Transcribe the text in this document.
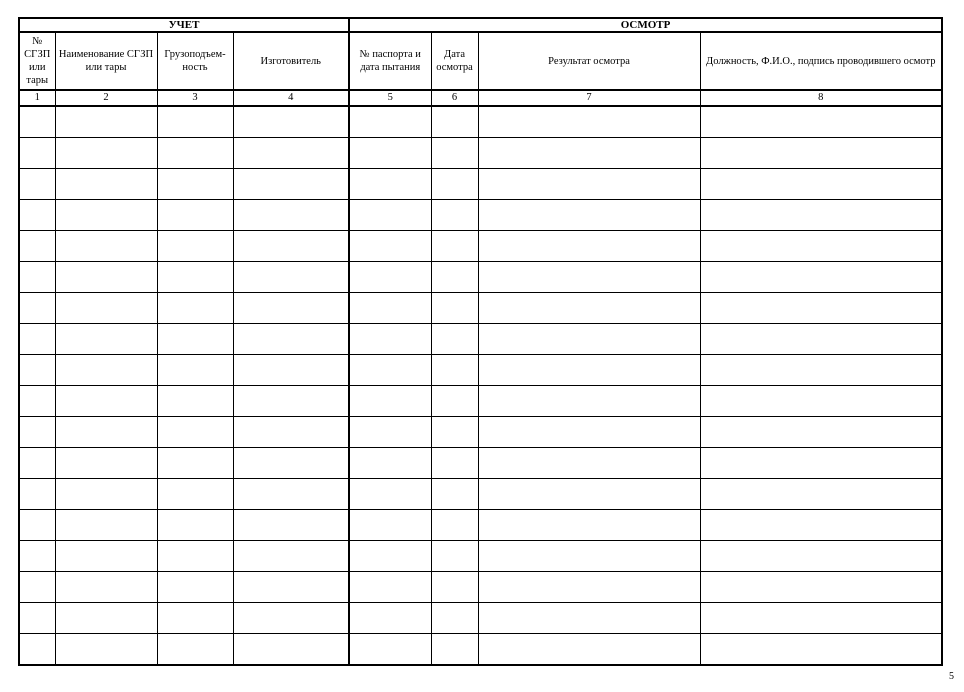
УЧЕТ				ОСМОТР			
№ СГЗП или тары	Наименование СГЗП или тары	Грузоподъем-ность	Изготовитель	№ паспорта и дата пытания	Дата осмотра	Результат осмотра	Должность, Ф.И.О., подпись проводившего осмотр
1	2	3	4	5	6	7	8

5
